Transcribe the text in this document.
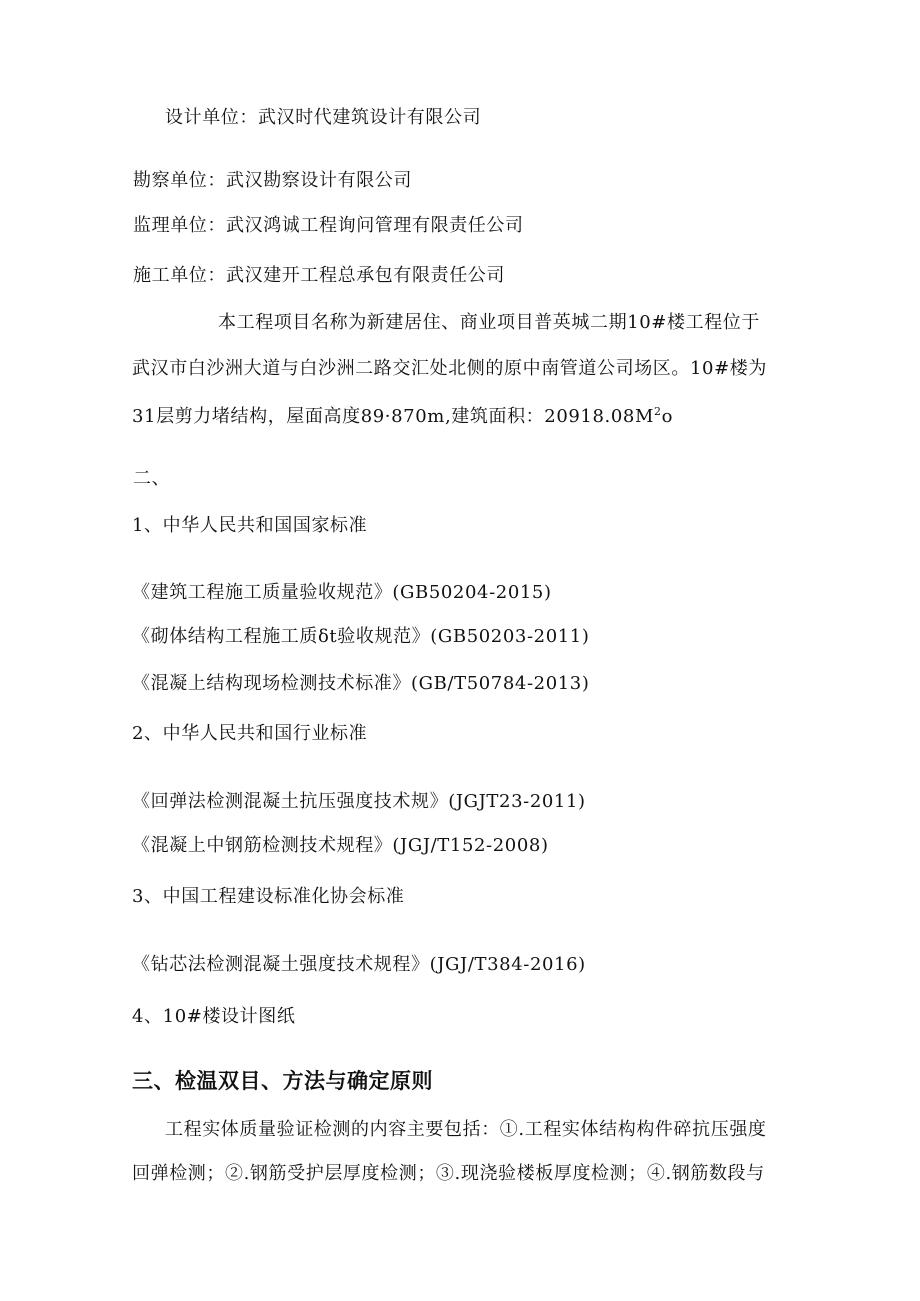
设计单位：武汉时代建筑设计有限公司
勘察单位：武汉勘察设计有限公司
监理单位：武汉鸿诚工程询问管理有限责任公司
施工单位：武汉建开工程总承包有限责任公司
本工程项目名称为新建居住、商业项目普英城二期10#楼工程位于
武汉市白沙洲大道与白沙洲二路交汇处北侧的原中南管道公司场区。10#楼为
31层剪力堵结构，屋面高度89·870m,建筑面积：$20918.08M^2o$
二、
1、中华人民共和国国家标准
《建筑工程施工质量验收规范》(GB50204-2015)
《砌体结构工程施工质δt验收规范》(GB50203-2011)
《混凝上结构现场检测技术标准》(GB/T50784-2013)
2、中华人民共和国行业标准
《回弹法检测混凝土抗压强度技术规》(JGJT23-2011)
《混凝上中钢筋检测技术规程》(JGJ/T152-2008)
3、中国工程建设标准化协会标准
《钻芯法检测混凝土强度技术规程》(JGJ/T384-2016)
4、10#楼设计图纸
三、检温双目、方法与确定原则
工程实体质量验证检测的内容主要包括：①.工程实体结构构件碎抗压强度
回弹检测；②.钢筋受护层厚度检测；③.现浇验楼板厚度检测；④.钢筋数段与
